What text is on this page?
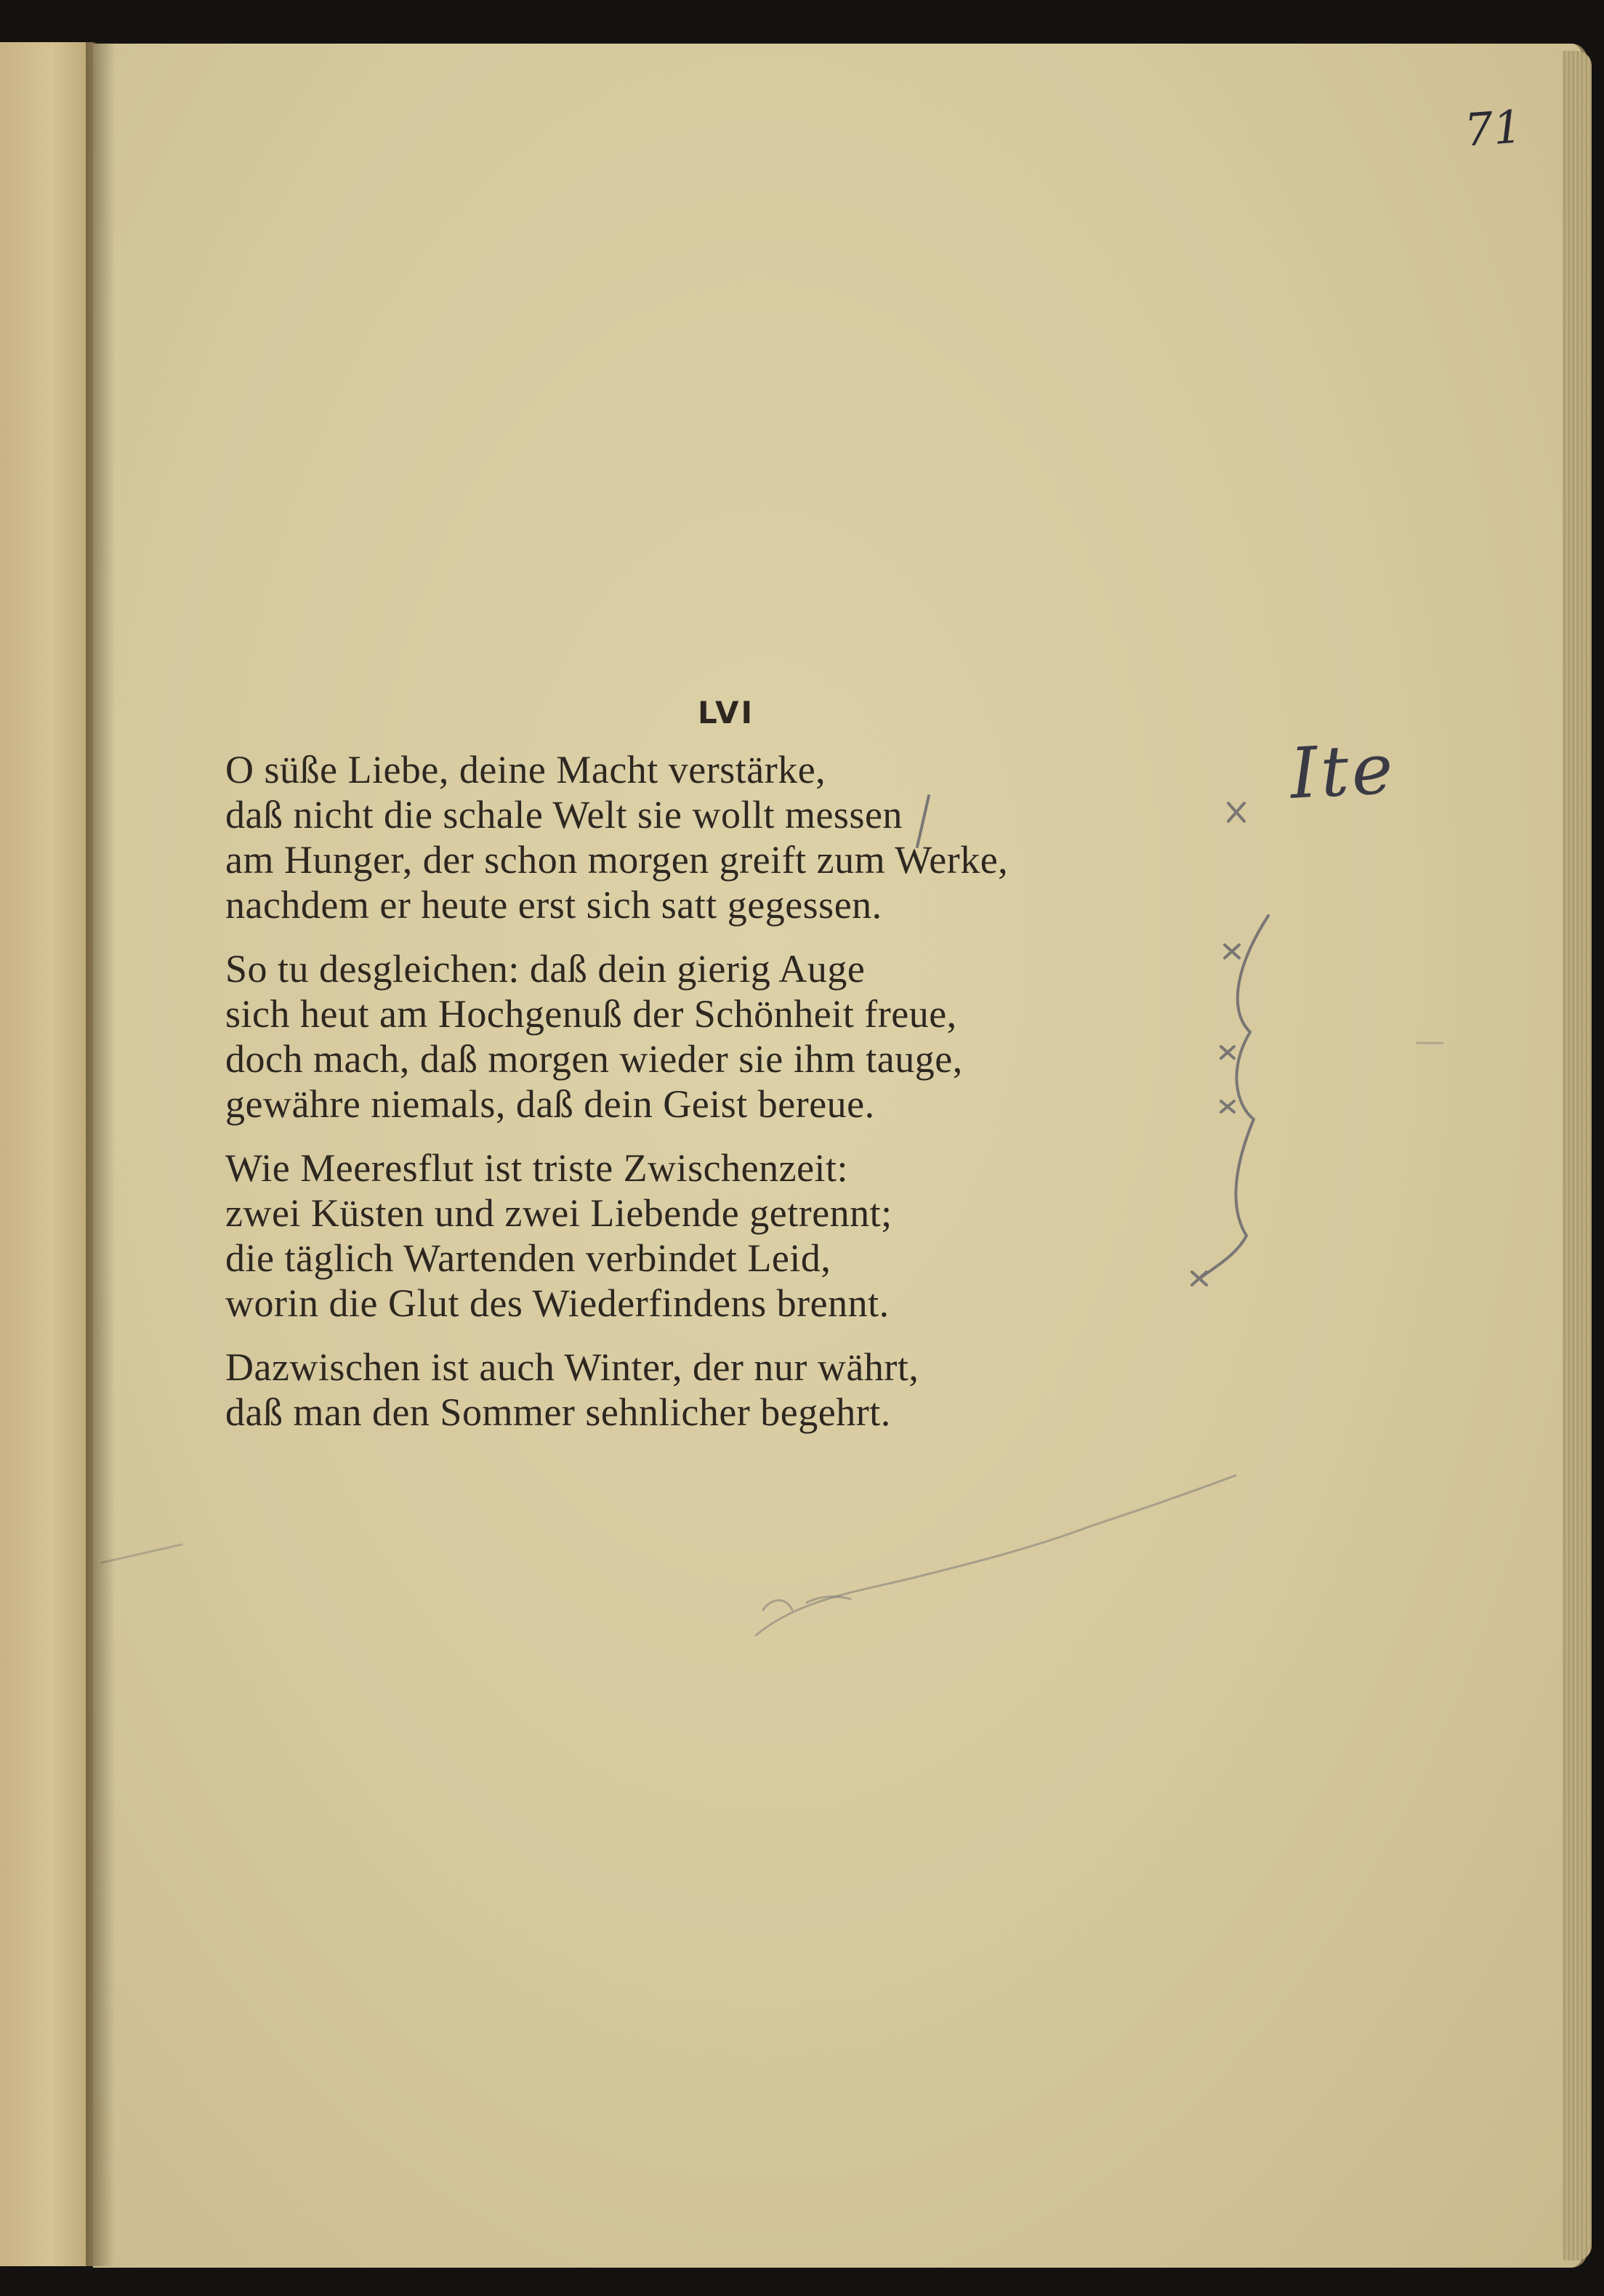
71
LVI
O süße Liebe, deine Macht verstärke,
daß nicht die schale Welt sie wollt messen
am Hunger, der schon morgen greift zum Werke,
nachdem er heute erst sich satt gegessen.
So tu desgleichen: daß dein gierig Auge
sich heut am Hochgenuß der Schönheit freue,
doch mach, daß morgen wieder sie ihm tauge,
gewähre niemals, daß dein Geist bereue.
Wie Meeresflut ist triste Zwischenzeit:
zwei Küsten und zwei Liebende getrennt;
die täglich Wartenden verbindet Leid,
worin die Glut des Wiederfindens brennt.
Dazwischen ist auch Winter, der nur währt,
daß man den Sommer sehnlicher begehrt.
Ite
